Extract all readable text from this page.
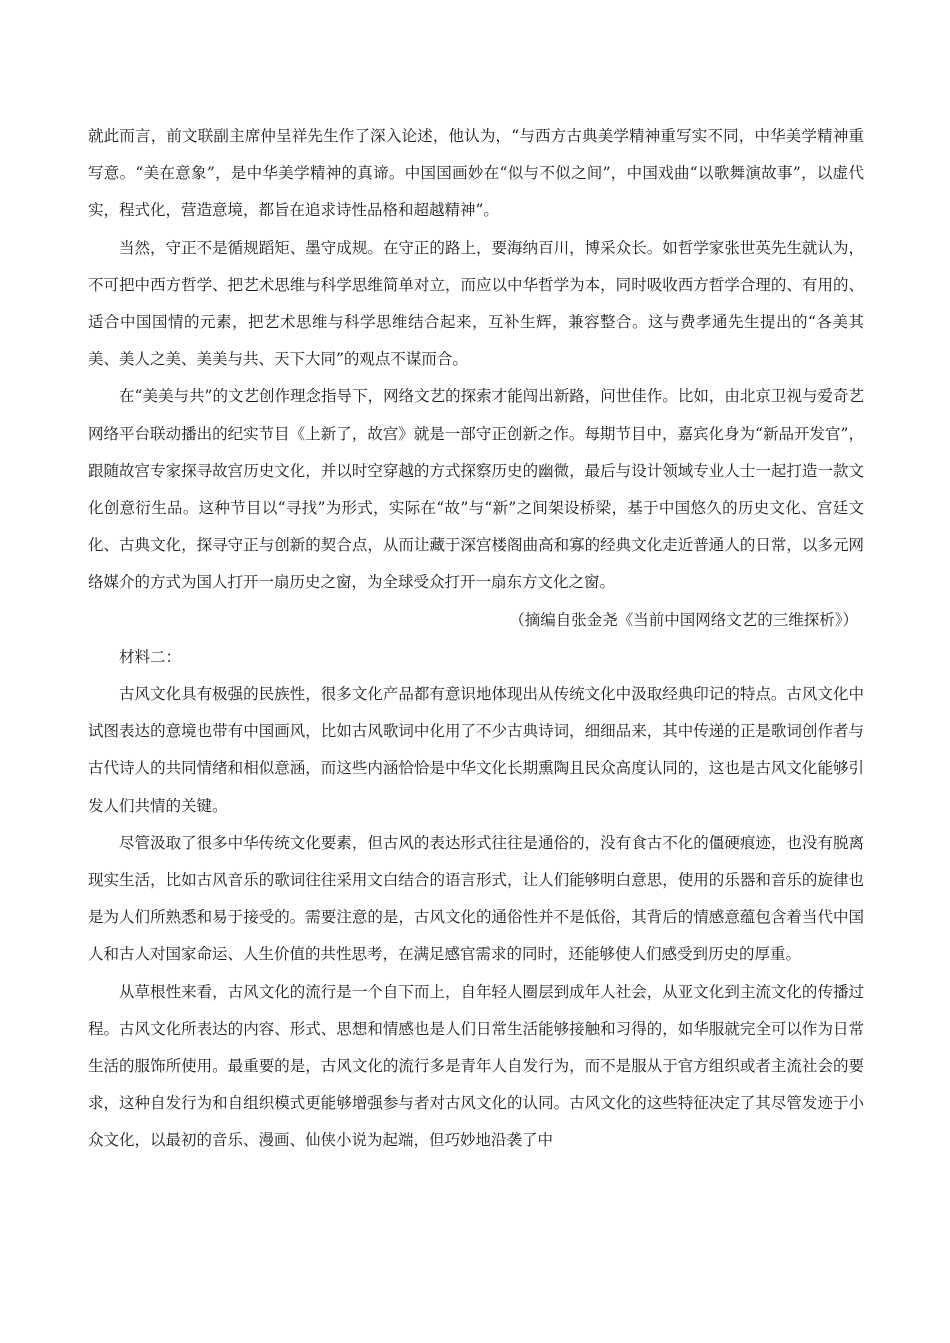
就此而言，前文联副主席仲呈祥先生作了深入论述，他认为，“与西方古典美学精神重写实不同，中华美学精神重写意。“美在意象”，是中华美学精神的真谛。中国国画妙在“似与不似之间”，中国戏曲“以歌舞演故事”，以虚代实，程式化，营造意境，都旨在追求诗性品格和超越精神”。

当然，守正不是循规蹈矩、墨守成规。在守正的路上，要海纳百川，博采众长。如哲学家张世英先生就认为，不可把中西方哲学、把艺术思维与科学思维简单对立，而应以中华哲学为本，同时吸收西方哲学合理的、有用的、适合中国国情的元素，把艺术思维与科学思维结合起来，互补生辉，兼容整合。这与费孝通先生提出的“各美其美、美人之美、美美与共、天下大同”的观点不谋而合。

在“美美与共”的文艺创作理念指导下，网络文艺的探索才能闯出新路，问世佳作。比如，由北京卫视与爱奇艺网络平台联动播出的纪实节目《上新了，故宫》就是一部守正创新之作。每期节目中，嘉宾化身为“新品开发官”，跟随故宫专家探寻故宫历史文化，并以时空穿越的方式探察历史的幽微，最后与设计领域专业人士一起打造一款文化创意衍生品。这种节目以“寻找”为形式，实际在“故”与“新”之间架设桥梁，基于中国悠久的历史文化、宫廷文化、古典文化，探寻守正与创新的契合点，从而让藏于深宫楼阁曲高和寡的经典文化走近普通人的日常，以多元网络媒介的方式为国人打开一扇历史之窗，为全球受众打开一扇东方文化之窗。

（摘编自张金尧《当前中国网络文艺的三维探析》）

材料二：

古风文化具有极强的民族性，很多文化产品都有意识地体现出从传统文化中汲取经典印记的特点。古风文化中试图表达的意境也带有中国画风，比如古风歌词中化用了不少古典诗词，细细品来，其中传递的正是歌词创作者与古代诗人的共同情绪和相似意涵，而这些内涵恰恰是中华文化长期熏陶且民众高度认同的，这也是古风文化能够引发人们共情的关键。

尽管汲取了很多中华传统文化要素，但古风的表达形式往往是通俗的，没有食古不化的僵硬痕迹，也没有脱离现实生活，比如古风音乐的歌词往往采用文白结合的语言形式，让人们能够明白意思，使用的乐器和音乐的旋律也是为人们所熟悉和易于接受的。需要注意的是，古风文化的通俗性并不是低俗，其背后的情感意蕴包含着当代中国人和古人对国家命运、人生价值的共性思考，在满足感官需求的同时，还能够使人们感受到历史的厚重。

从草根性来看，古风文化的流行是一个自下而上，自年轻人圈层到成年人社会，从亚文化到主流文化的传播过程。古风文化所表达的内容、形式、思想和情感也是人们日常生活能够接触和习得的，如华服就完全可以作为日常生活的服饰所使用。最重要的是，古风文化的流行多是青年人自发行为，而不是服从于官方组织或者主流社会的要求，这种自发行为和自组织模式更能够增强参与者对古风文化的认同。古风文化的这些特征决定了其尽管发迹于小众文化，以最初的音乐、漫画、仙侠小说为起端，但巧妙地沿袭了中
